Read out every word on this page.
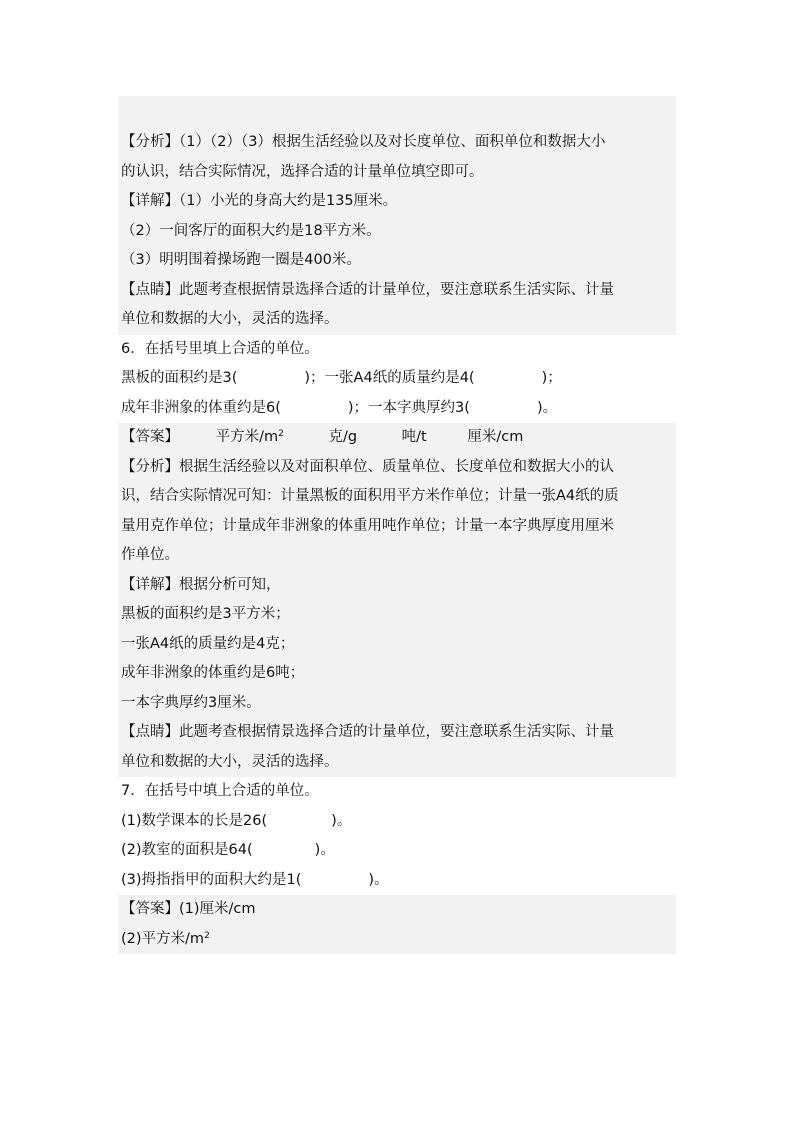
【分析】（1）（2）（3）根据生活经验以及对长度单位、面积单位和数据大小
的认识，结合实际情况，选择合适的计量单位填空即可。
【详解】（1）小光的身高大约是135厘米。
（2）一间客厅的面积大约是18平方米。
（3）明明围着操场跑一圈是400米。
【点睛】此题考查根据情景选择合适的计量单位，要注意联系生活实际、计量
单位和数据的大小，灵活的选择。
6．在括号里填上合适的单位。
黑板的面积约是3(	)；一张A4纸的质量约是4(	)；
成年非洲象的体重约是6(	)；一本字典厚约3(	)。
【答案】	平方米$/m^2$	克/g	吨/t	厘米/cm
【分析】根据生活经验以及对面积单位、质量单位、长度单位和数据大小的认
识，结合实际情况可知：计量黑板的面积用平方米作单位；计量一张A4纸的质
量用克作单位；计量成年非洲象的体重用吨作单位；计量一本字典厚度用厘米
作单位。
【详解】根据分析可知，
黑板的面积约是3平方米；
一张A4纸的质量约是4克；
成年非洲象的体重约是6吨；
一本字典厚约3厘米。
【点睛】此题考查根据情景选择合适的计量单位，要注意联系生活实际、计量
单位和数据的大小，灵活的选择。
7．在括号中填上合适的单位。
(1)数学课本的长是26(	)。
(2)教室的面积是64(	)。
(3)拇指指甲的面积大约是1(	)。
【答案】(1)厘米/cm
(2)平方米$/m^2$
